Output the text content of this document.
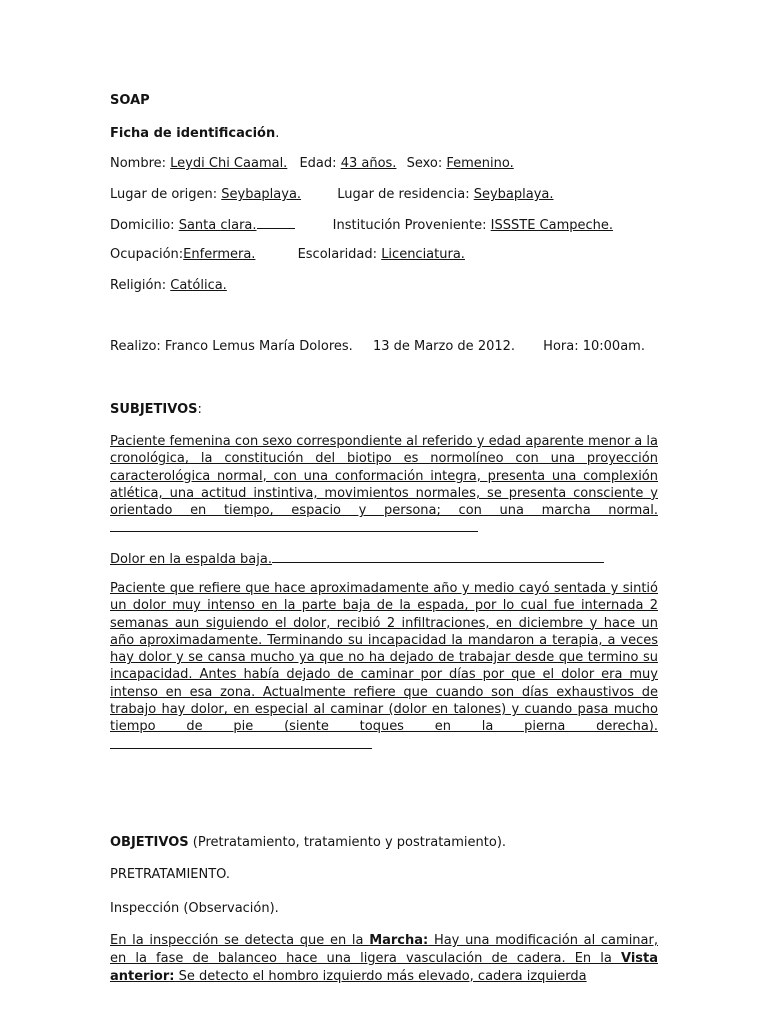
SOAP
Ficha de identificación.
Nombre: Leydi Chi Caamal. Edad: 43 años. Sexo: Femenino.
Lugar de origen: Seybaplaya.	Lugar de residencia: Seybaplaya.
Domicilio: Santa clara.	Institución Proveniente: ISSSTE Campeche.
Ocupación:Enfermera.	Escolaridad: Licenciatura.
Religión: Católica.
Realizo: Franco Lemus María Dolores. 13 de Marzo de 2012. Hora: 10:00am.
SUBJETIVOS:
Paciente femenina con sexo correspondiente al referido y edad aparente menor a la cronológica, la constitución del biotipo es normolíneo con una proyección caracterológica normal, con una conformación integra, presenta una complexión atlética, una actitud instintiva, movimientos normales, se presenta consciente y orientado en tiempo, espacio y persona; con una marcha normal.
Dolor en la espalda baja.
Paciente que refiere que hace aproximadamente año y medio cayó sentada y sintió un dolor muy intenso en la parte baja de la espada, por lo cual fue internada 2 semanas aun siguiendo el dolor, recibió 2 infiltraciones, en diciembre y hace un año aproximadamente. Terminando su incapacidad la mandaron a terapia, a veces hay dolor y se cansa mucho ya que no ha dejado de trabajar desde que termino su incapacidad. Antes había dejado de caminar por días por que el dolor era muy intenso en esa zona. Actualmente refiere que cuando son días exhaustivos de trabajo hay dolor, en especial al caminar (dolor en talones) y cuando pasa mucho tiempo de pie (siente toques en la pierna derecha).
OBJETIVOS (Pretratamiento, tratamiento y postratamiento).
PRETRATAMIENTO.
Inspección (Observación).
En la inspección se detecta que en la Marcha: Hay una modificación al caminar, en la fase de balanceo hace una ligera vasculación de cadera. En la Vista anterior: Se detecto el hombro izquierdo más elevado, cadera izquierda
